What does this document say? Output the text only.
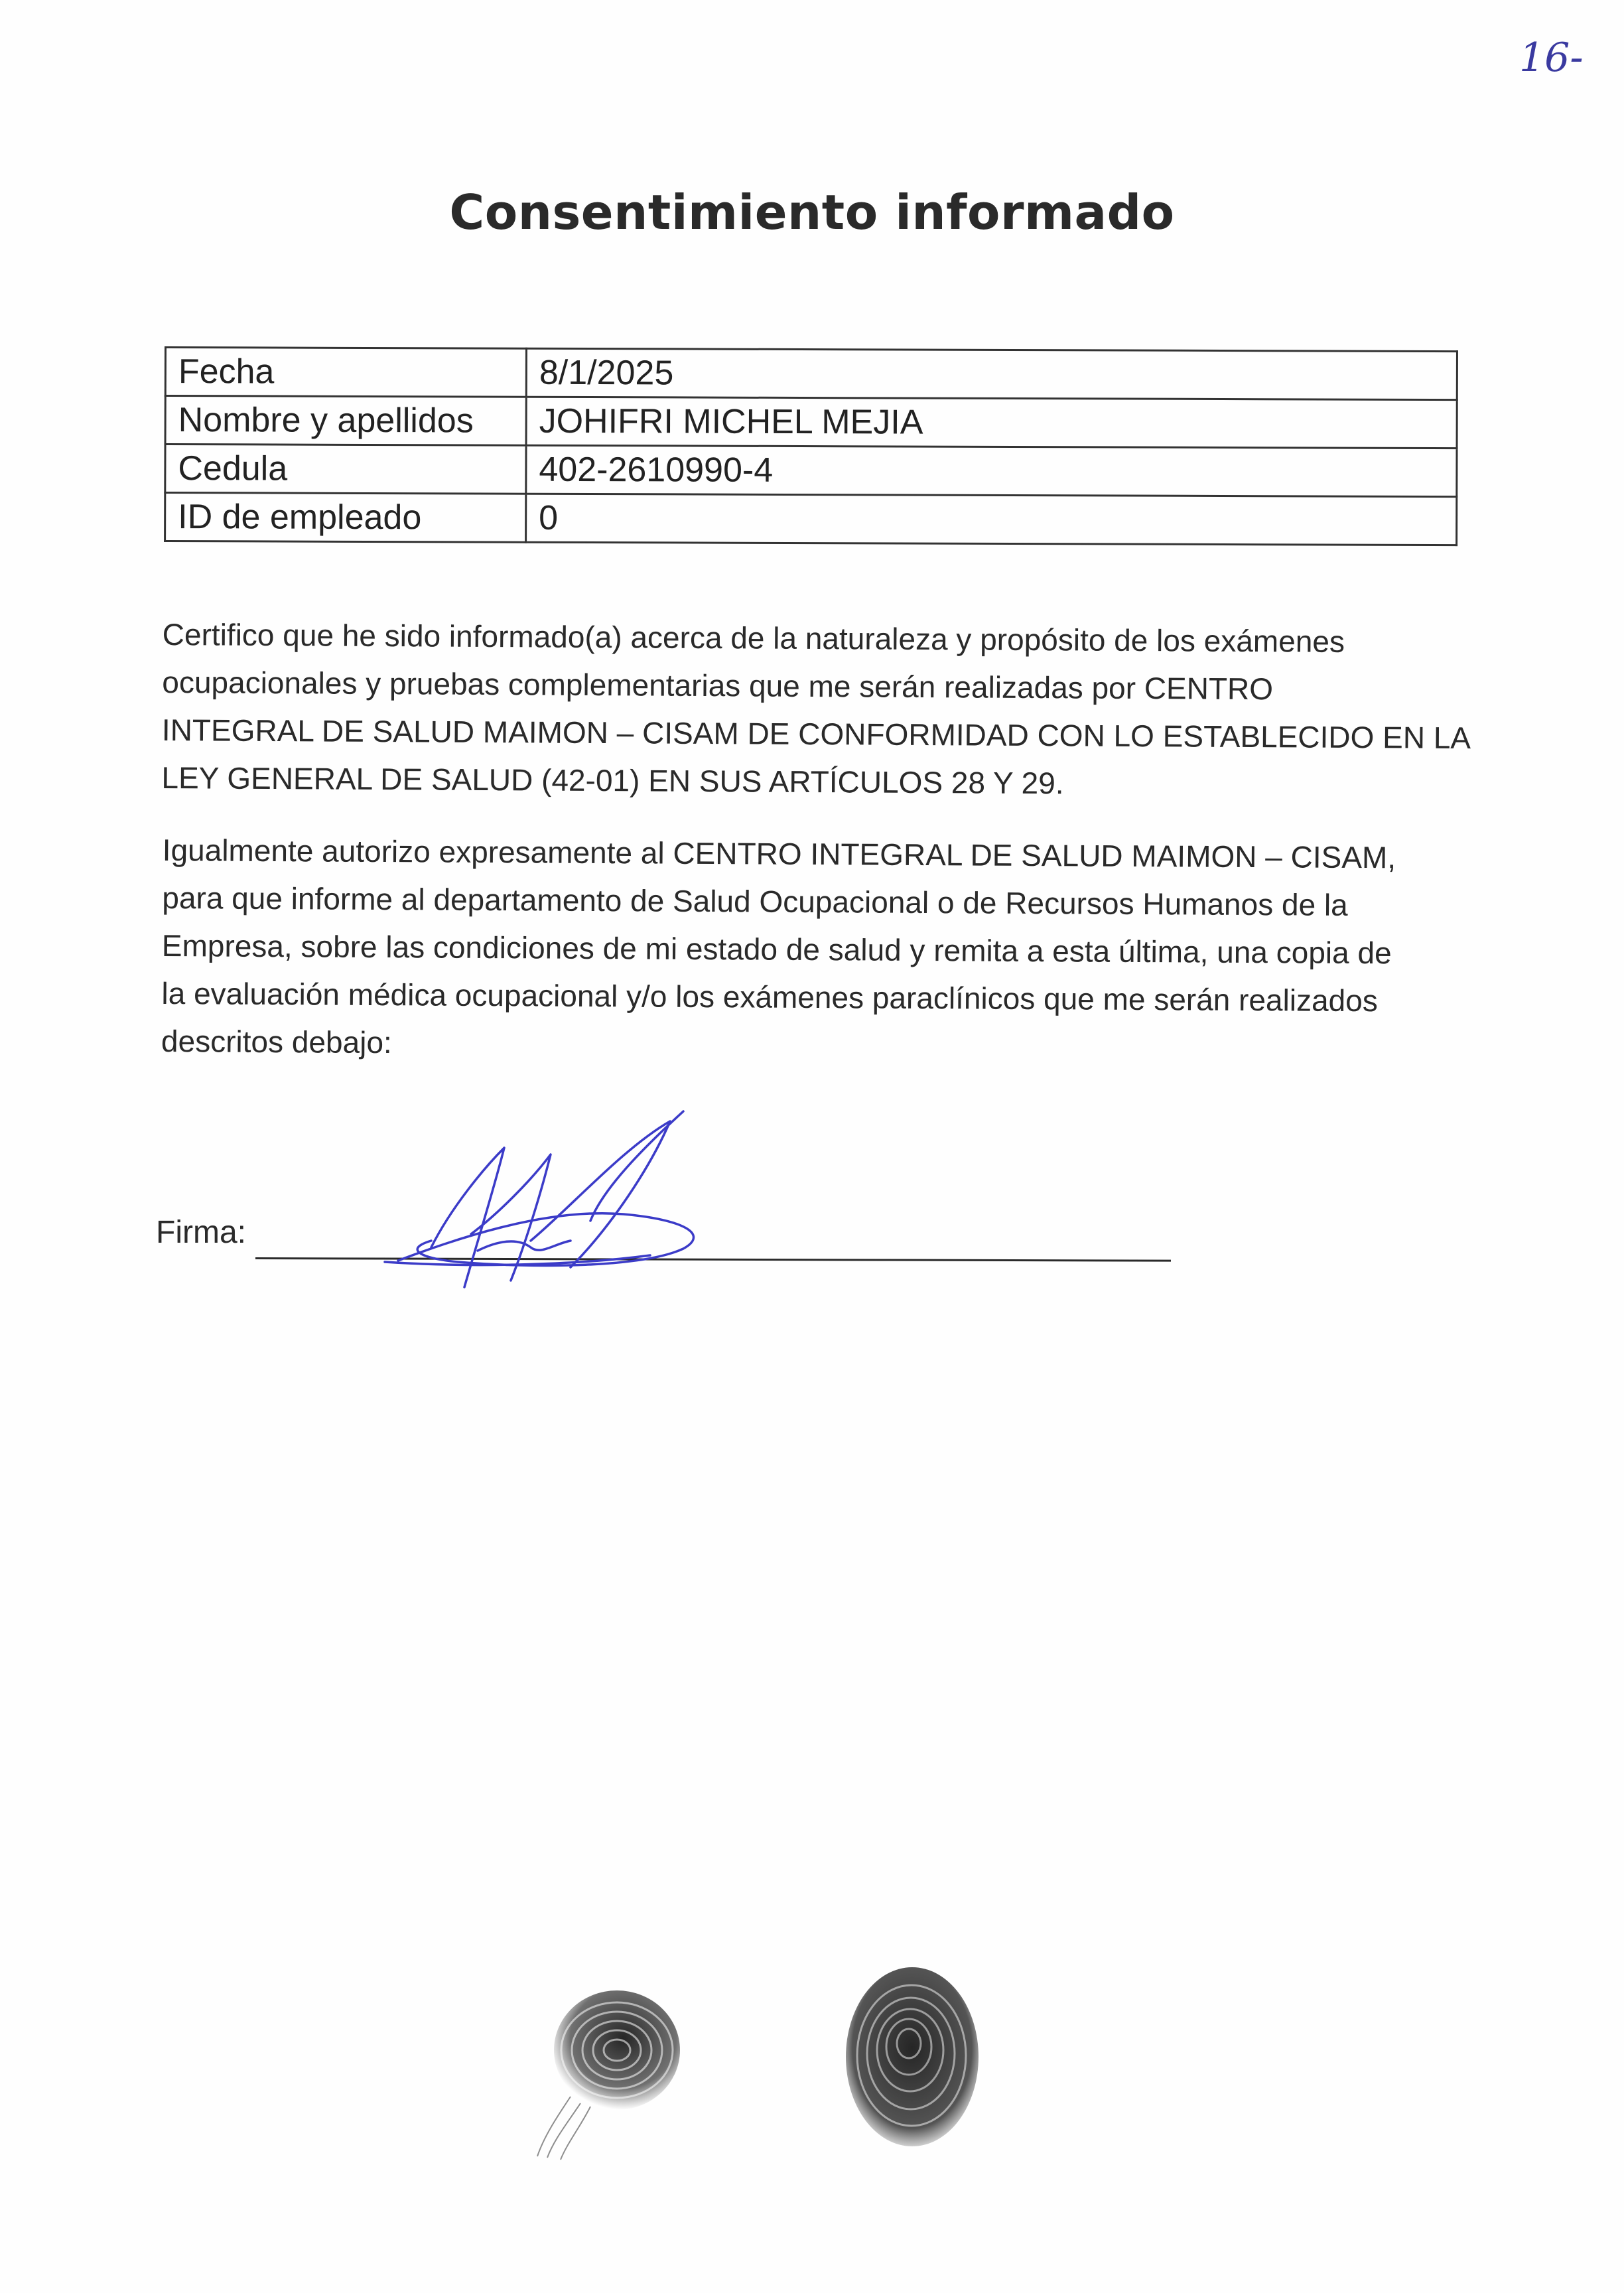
16-
Consentimiento informado
Fecha	8/1/2025
Nombre y apellidos	JOHIFRI MICHEL MEJIA
Cedula	402-2610990-4
ID de empleado	0
Certifico que he sido informado(a) acerca de la naturaleza y propósito de los exámenes
ocupacionales y pruebas complementarias que me serán realizadas por CENTRO
INTEGRAL DE SALUD MAIMON – CISAM DE CONFORMIDAD CON LO ESTABLECIDO EN LA
LEY GENERAL DE SALUD (42-01) EN SUS ARTÍCULOS 28 Y 29.
Igualmente autorizo expresamente al CENTRO INTEGRAL DE SALUD MAIMON – CISAM,
para que informe al departamento de Salud Ocupacional o de Recursos Humanos de la
Empresa, sobre las condiciones de mi estado de salud y remita a esta última, una copia de
la evaluación médica ocupacional y/o los exámenes paraclínicos que me serán realizados
descritos debajo:
Firma:
